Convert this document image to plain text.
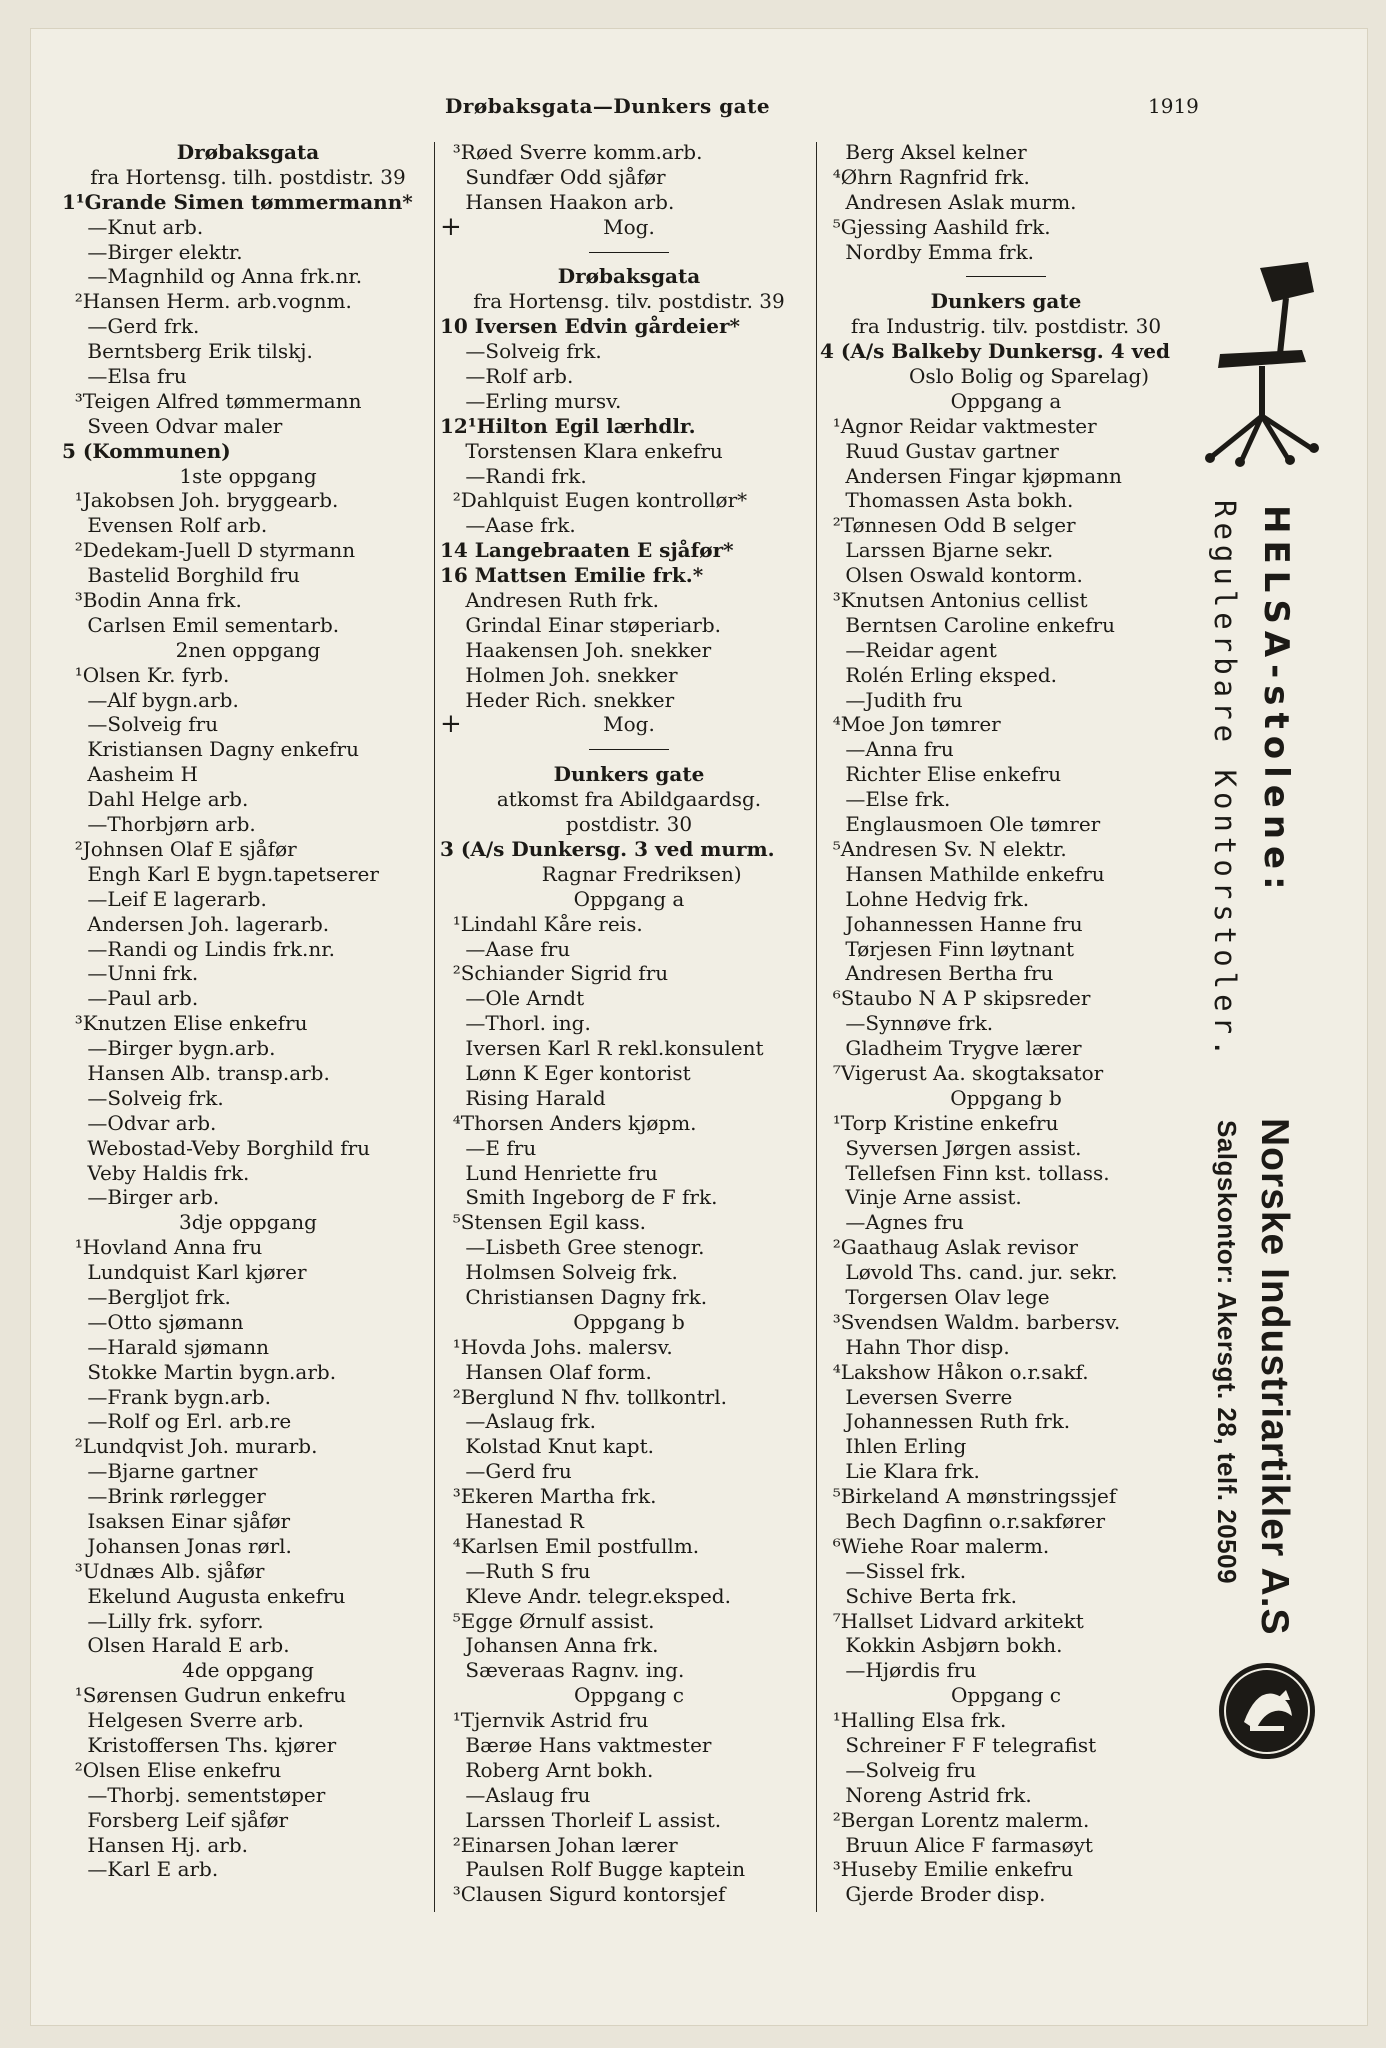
Drøbaksgata—Dunkers gate	1919
Drøbaksgata
fra Hortensg. tilh. postdistr. 39
1¹Grande Simen tømmermann*
—Knut arb.
—Birger elektr.
—Magnhild og Anna frk.nr.
²Hansen Herm. arb.vognm.
—Gerd frk.
Berntsberg Erik tilskj.
—Elsa fru
³Teigen Alfred tømmermann
Sveen Odvar maler
5 (Kommunen)
1ste oppgang
¹Jakobsen Joh. bryggearb.
Evensen Rolf arb.
²Dedekam-Juell D styrmann
Bastelid Borghild fru
³Bodin Anna frk.
Carlsen Emil sementarb.
2nen oppgang
¹Olsen Kr. fyrb.
—Alf bygn.arb.
—Solveig fru
Kristiansen Dagny enkefru
Aasheim H
Dahl Helge arb.
—Thorbjørn arb.
²Johnsen Olaf E sjåfør
Engh Karl E bygn.tapetserer
—Leif E lagerarb.
Andersen Joh. lagerarb.
—Randi og Lindis frk.nr.
—Unni frk.
—Paul arb.
³Knutzen Elise enkefru
—Birger bygn.arb.
Hansen Alb. transp.arb.
—Solveig frk.
—Odvar arb.
Webostad-Veby Borghild fru
Veby Haldis frk.
—Birger arb.
3dje oppgang
¹Hovland Anna fru
Lundquist Karl kjører
—Bergljot frk.
—Otto sjømann
—Harald sjømann
Stokke Martin bygn.arb.
—Frank bygn.arb.
—Rolf og Erl. arb.re
²Lundqvist Joh. murarb.
—Bjarne gartner
—Brink rørlegger
Isaksen Einar sjåfør
Johansen Jonas rørl.
³Udnæs Alb. sjåfør
Ekelund Augusta enkefru
—Lilly frk. syforr.
Olsen Harald E arb.
4de oppgang
¹Sørensen Gudrun enkefru
Helgesen Sverre arb.
Kristoffersen Ths. kjører
²Olsen Elise enkefru
—Thorbj. sementstøper
Forsberg Leif sjåfør
Hansen Hj. arb.
—Karl E arb.
³Røed Sverre komm.arb.
Sundfær Odd sjåfør
Hansen Haakon arb.
+	Mog.
Drøbaksgata
fra Hortensg. tilv. postdistr. 39
10 Iversen Edvin gårdeier*
—Solveig frk.
—Rolf arb.
—Erling mursv.
12¹Hilton Egil lærhdlr.
Torstensen Klara enkefru
—Randi frk.
²Dahlquist Eugen kontrollør*
—Aase frk.
14 Langebraaten E sjåfør*
16 Mattsen Emilie frk.*
Andresen Ruth frk.
Grindal Einar støperiarb.
Haakensen Joh. snekker
Holmen Joh. snekker
Heder Rich. snekker
+	Mog.
Dunkers gate
atkomst fra Abildgaardsg.
postdistr. 30
3 (A/s Dunkersg. 3 ved murm.
Ragnar Fredriksen)
Oppgang a
¹Lindahl Kåre reis.
—Aase fru
²Schiander Sigrid fru
—Ole Arndt
—Thorl. ing.
Iversen Karl R rekl.konsulent
Lønn K Eger kontorist
Rising Harald
⁴Thorsen Anders kjøpm.
—E fru
Lund Henriette fru
Smith Ingeborg de F frk.
⁵Stensen Egil kass.
—Lisbeth Gree stenogr.
Holmsen Solveig frk.
Christiansen Dagny frk.
Oppgang b
¹Hovda Johs. malersv.
Hansen Olaf form.
²Berglund N fhv. tollkontrl.
—Aslaug frk.
Kolstad Knut kapt.
—Gerd fru
³Ekeren Martha frk.
Hanestad R
⁴Karlsen Emil postfullm.
—Ruth S fru
Kleve Andr. telegr.eksped.
⁵Egge Ørnulf assist.
Johansen Anna frk.
Sæveraas Ragnv. ing.
Oppgang c
¹Tjernvik Astrid fru
Bærøe Hans vaktmester
Roberg Arnt bokh.
—Aslaug fru
Larssen Thorleif L assist.
²Einarsen Johan lærer
Paulsen Rolf Bugge kaptein
³Clausen Sigurd kontorsjef
Berg Aksel kelner
⁴Øhrn Ragnfrid frk.
Andresen Aslak murm.
⁵Gjessing Aashild frk.
Nordby Emma frk.
Dunkers gate
fra Industrig. tilv. postdistr. 30
4 (A/s Balkeby Dunkersg. 4 ved
Oslo Bolig og Sparelag)
Oppgang a
¹Agnor Reidar vaktmester
Ruud Gustav gartner
Andersen Fingar kjøpmann
Thomassen Asta bokh.
²Tønnesen Odd B selger
Larssen Bjarne sekr.
Olsen Oswald kontorm.
³Knutsen Antonius cellist
Berntsen Caroline enkefru
—Reidar agent
Rolén Erling eksped.
—Judith fru
⁴Moe Jon tømrer
—Anna fru
Richter Elise enkefru
—Else frk.
Englausmoen Ole tømrer
⁵Andresen Sv. N elektr.
Hansen Mathilde enkefru
Lohne Hedvig frk.
Johannessen Hanne fru
Tørjesen Finn løytnant
Andresen Bertha fru
⁶Staubo N A P skipsreder
—Synnøve frk.
Gladheim Trygve lærer
⁷Vigerust Aa. skogtaksator
Oppgang b
¹Torp Kristine enkefru
Syversen Jørgen assist.
Tellefsen Finn kst. tollass.
Vinje Arne assist.
—Agnes fru
²Gaathaug Aslak revisor
Løvold Ths. cand. jur. sekr.
Torgersen Olav lege
³Svendsen Waldm. barbersv.
Hahn Thor disp.
⁴Lakshow Håkon o.r.sakf.
Leversen Sverre
Johannessen Ruth frk.
Ihlen Erling
Lie Klara frk.
⁵Birkeland A mønstringssjef
Bech Dagfinn o.r.sakfører
⁶Wiehe Roar malerm.
—Sissel frk.
Schive Berta frk.
⁷Hallset Lidvard arkitekt
Kokkin Asbjørn bokh.
—Hjørdis fru
Oppgang c
¹Halling Elsa frk.
Schreiner F F telegrafist
—Solveig fru
Noreng Astrid frk.
²Bergan Lorentz malerm.
Bruun Alice F farmasøyt
³Huseby Emilie enkefru
Gjerde Broder disp.
HELSA-stolene:
Regulerbare Kontorstoler.
Norske Industriartikler A.S
Salgskontor: Akersgt. 28, telf. 20509
